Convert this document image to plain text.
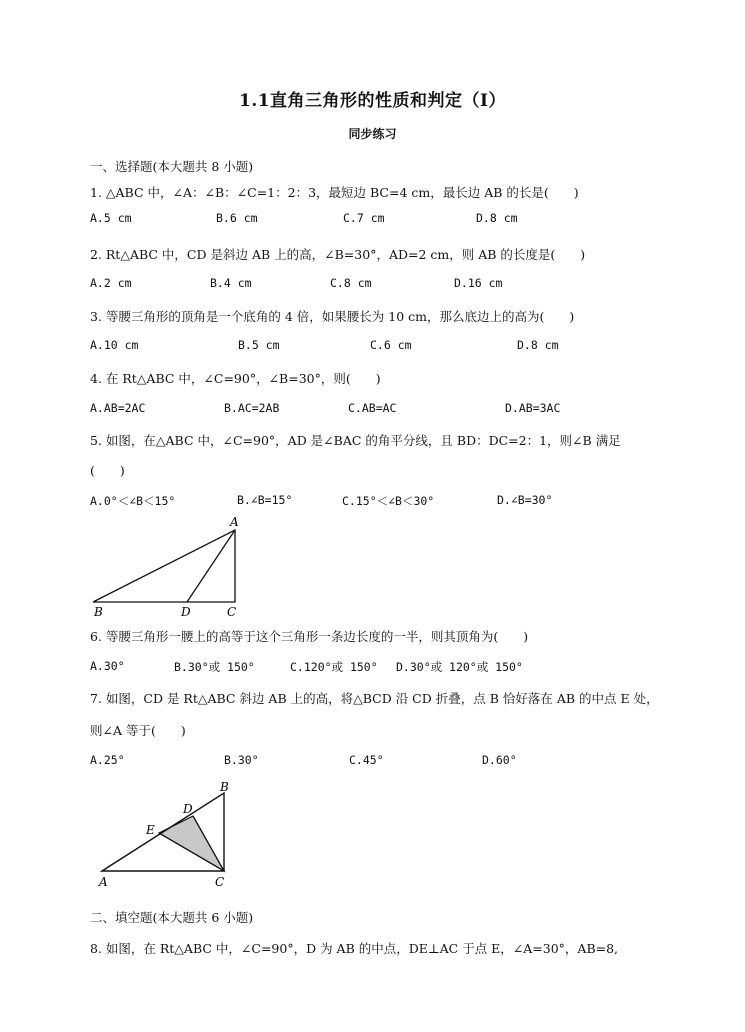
1.1直角三角形的性质和判定（Ⅰ）
同步练习
一、选择题(本大题共 8 小题)
1. △ABC 中，∠A：∠B：∠C=1：2：3，最短边 BC=4 cm，最长边 AB 的长是(　　)
A.5 cm	B.6 cm	C.7 cm	D.8 cm
2. Rt△ABC 中，CD 是斜边 AB 上的高，∠B=30°，AD=2 cm，则 AB 的长度是(　　)
A.2 cm	B.4 cm	C.8 cm	D.16 cm
3. 等腰三角形的顶角是一个底角的 4 倍，如果腰长为 10 cm，那么底边上的高为(　　)
A.10 cm	B.5 cm	C.6 cm	D.8 cm
4. 在 Rt△ABC 中，∠C=90°，∠B=30°，则(　　)
A.AB=2AC	B.AC=2AB	C.AB=AC	D.AB=3AC
5. 如图，在△ABC 中，∠C=90°，AD 是∠BAC 的角平分线，且 BD：DC=2：1，则∠B 满足
(　　)
A.0°＜∠B＜15°	B.∠B=15°	C.15°＜∠B＜30°	D.∠B=30°
A
B	D	C
6. 等腰三角形一腰上的高等于这个三角形一条边长度的一半，则其顶角为(　　)
A.30°	B.30°或 150°	C.120°或 150° D.30°或 120°或 150°
7. 如图，CD 是 Rt△ABC 斜边 AB 上的高，将△BCD 沿 CD 折叠，点 B 恰好落在 AB 的中点 E 处，
则∠A 等于(　　)
A.25°	B.30°	C.45°	D.60°
B
D
E
A	C
二、填空题(本大题共 6 小题)
8. 如图，在 Rt△ABC 中，∠C=90°，D 为 AB 的中点，DE⊥AC 于点 E，∠A=30°，AB=8,
